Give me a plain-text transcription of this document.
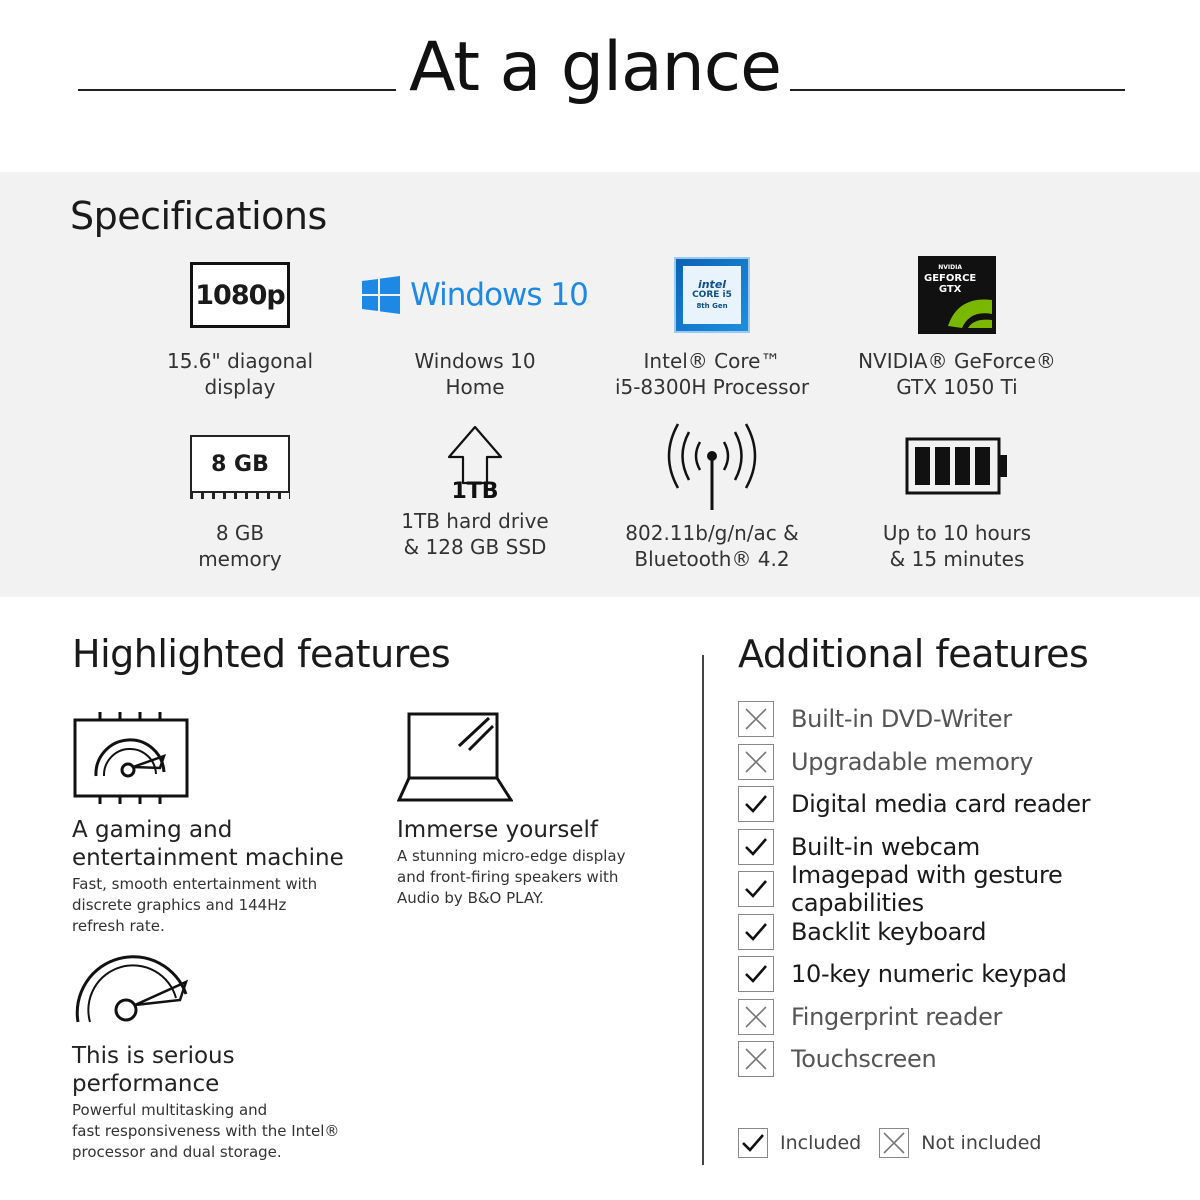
At a glance
Specifications
1080p
15.6" diagonal
display
Windows 10
Windows 10
Home
intel
CORE i5
8th Gen
Intel® Core™
i5-8300H Processor
NVIDIA
GEFORCE
GTX
NVIDIA® GeForce®
GTX 1050 Ti
8 GB
8 GB
memory
1TB
1TB hard drive
& 128 GB SSD
802.11b/g/n/ac &
Bluetooth® 4.2
Up to 10 hours
& 15 minutes
Highlighted features
A gaming and
entertainment machine
Fast, smooth entertainment with
discrete graphics and 144Hz
refresh rate.
Immerse yourself
A stunning micro-edge display
and front-firing speakers with
Audio by B&O PLAY.
This is serious
performance
Powerful multitasking and
fast responsiveness with the Intel®
processor and dual storage.
Additional features
Built-in DVD-Writer
Upgradable memory
Digital media card reader
Built-in webcam
Imagepad with gesture capabilities
Backlit keyboard
10-key numeric keypad
Fingerprint reader
Touchscreen
Included	Not included
